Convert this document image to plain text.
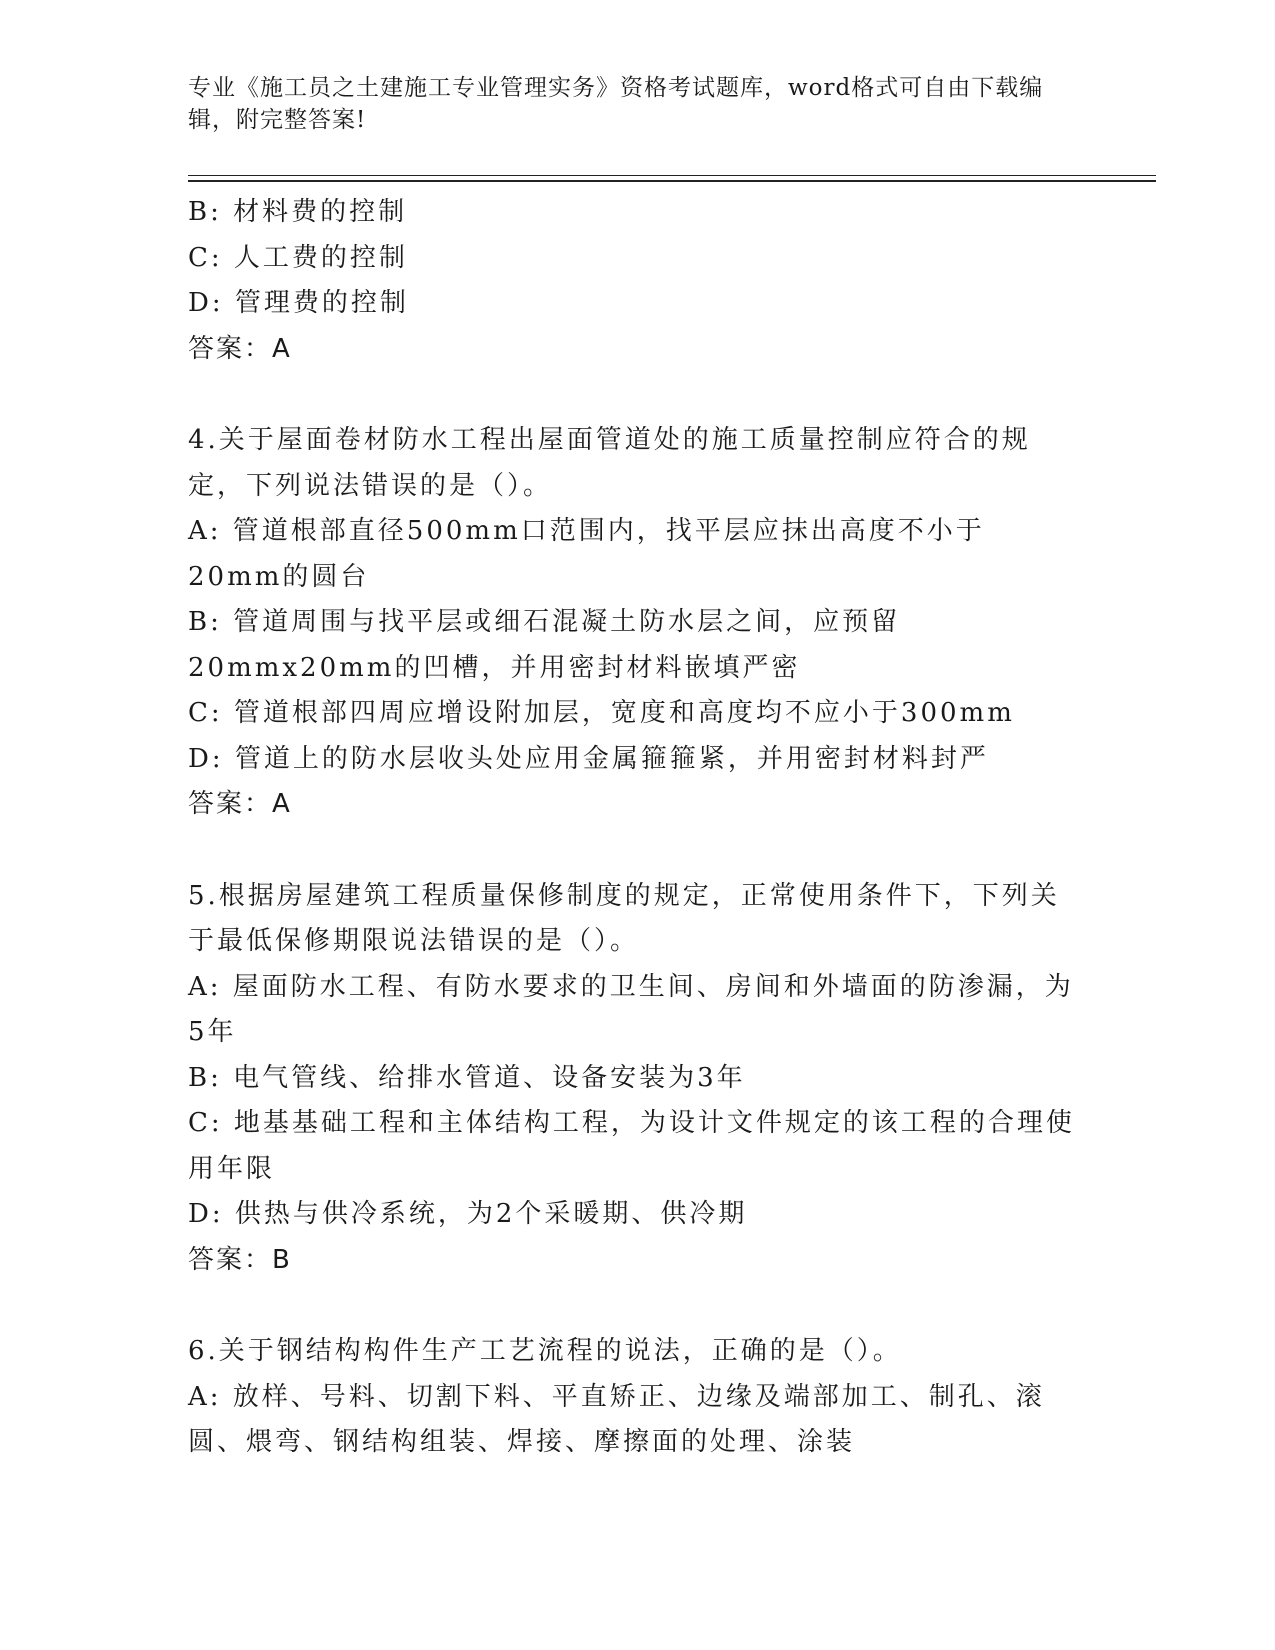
专业《施工员之土建施工专业管理实务》资格考试题库，word格式可自由下载编辑，附完整答案!

B: 材料费的控制

C: 人工费的控制

D: 管理费的控制

答案：A

4.关于屋面卷材防水工程出屋面管道处的施工质量控制应符合的规定，下列说法错误的是（）。

A: 管道根部直径500mm口范围内，找平层应抹出高度不小于20mm的圆台

B: 管道周围与找平层或细石混凝土防水层之间，应预留20mmx20mm的凹槽，并用密封材料嵌填严密

C: 管道根部四周应增设附加层，宽度和高度均不应小于300mm

D: 管道上的防水层收头处应用金属箍箍紧，并用密封材料封严

答案：A

5.根据房屋建筑工程质量保修制度的规定，正常使用条件下，下列关于最低保修期限说法错误的是（）。

A: 屋面防水工程、有防水要求的卫生间、房间和外墙面的防渗漏，为5年

B: 电气管线、给排水管道、设备安装为3年

C: 地基基础工程和主体结构工程，为设计文件规定的该工程的合理使用年限

D: 供热与供冷系统，为2个采暖期、供冷期

答案：B

6.关于钢结构构件生产工艺流程的说法，正确的是（）。

A: 放样、号料、切割下料、平直矫正、边缘及端部加工、制孔、滚圆、煨弯、钢结构组装、焊接、摩擦面的处理、涂装
